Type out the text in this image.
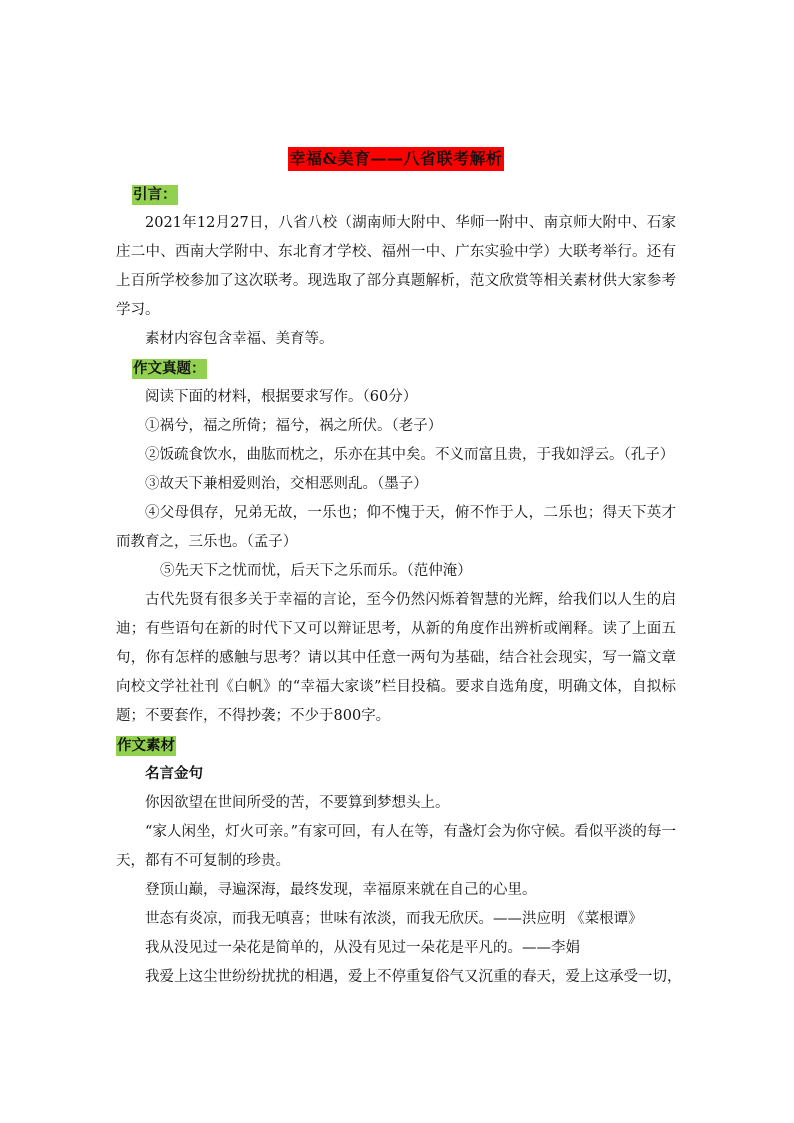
幸福&美育——八省联考解析
引言：

2021年12月27日，八省八校（湖南师大附中、华师一附中、南京师大附中、石家庄二中、西南大学附中、东北育才学校、福州一中、广东实验中学）大联考举行。还有上百所学校参加了这次联考。现选取了部分真题解析，范文欣赏等相关素材供大家参考学习。

素材内容包含幸福、美育等。

作文真题：

阅读下面的材料，根据要求写作。（60分）

①祸兮，福之所倚；福兮，祸之所伏。（老子）

②饭疏食饮水，曲肱而枕之，乐亦在其中矣。不义而富且贵，于我如浮云。（孔子）

③故天下兼相爱则治，交相恶则乱。（墨子）

④父母俱存，兄弟无故，一乐也；仰不愧于天，俯不怍于人，二乐也；得天下英才而教育之，三乐也。（孟子）

⑤先天下之忧而忧，后天下之乐而乐。（范仲淹）

古代先贤有很多关于幸福的言论，至今仍然闪烁着智慧的光辉，给我们以人生的启迪；有些语句在新的时代下又可以辩证思考，从新的角度作出辨析或阐释。读了上面五句，你有怎样的感触与思考？请以其中任意一两句为基础，结合社会现实，写一篇文章向校文学社社刊《白帆》的“幸福大家谈”栏目投稿。要求自选角度，明确文体，自拟标题；不要套作，不得抄袭；不少于800字。

作文素材

名言金句

你因欲望在世间所受的苦，不要算到梦想头上。

“家人闲坐，灯火可亲。”有家可回，有人在等，有盏灯会为你守候。看似平淡的每一天，都有不可复制的珍贵。

登顶山巅，寻遍深海，最终发现，幸福原来就在自己的心里。

世态有炎凉，而我无嗔喜；世味有浓淡，而我无欣厌。——洪应明 《菜根谭》

我从没见过一朵花是简单的，从没有见过一朵花是平凡的。——李娟

我爱上这尘世纷纷扰扰的相遇，爱上不停重复俗气又沉重的春天，爱上这承受一切，
